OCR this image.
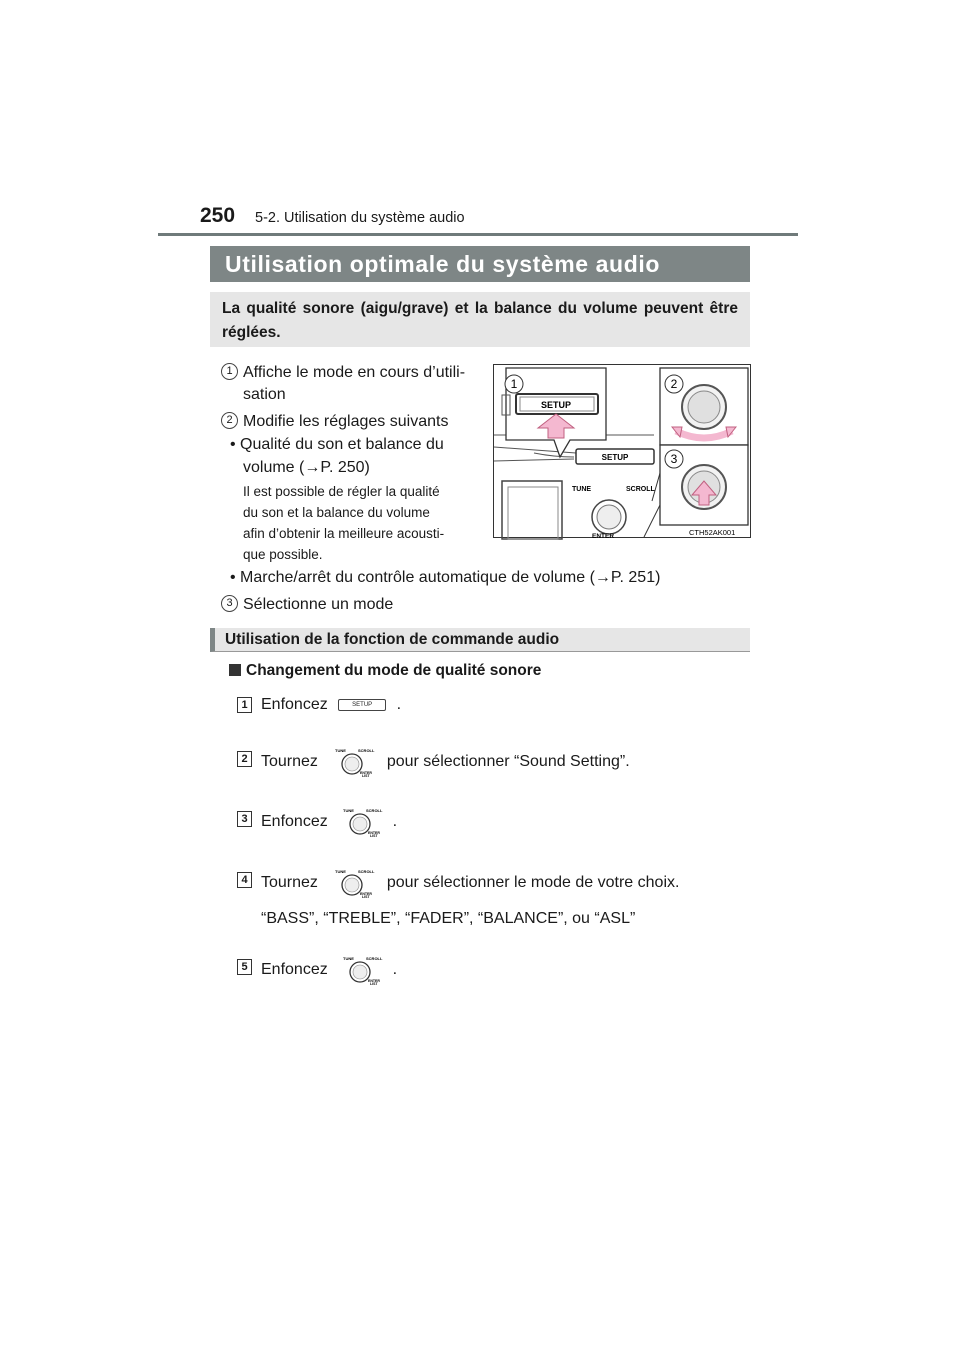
250 5-2. Utilisation du système audio
Utilisation optimale du système audio
La qualité sonore (aigu/grave) et la balance du volume peuvent être réglées.
1 Affiche le mode en cours d’utili-
sation
2 Modifie les réglages suivants
• Qualité du son et balance du
volume (→P. 250)
Il est possible de régler la qualité
du son et la balance du volume
afin d’obtenir la meilleure acousti-
que possible.
• Marche/arrêt du contrôle automatique de volume (→P. 251)
3 Sélectionne un mode
SETUP
SETUP
TUNE	SCROLL
ENTER
1	2
3
CTH52AK001
Utilisation de la fonction de commande audio
Changement du mode de qualité sonore
1 Enfoncez	SETUP .
2 Tournez
TUNE	SCROLL
ENTER
LIST
pour sélectionner “Sound Setting”.
3 Enfoncez
TUNE	SCROLL
ENTER
LIST
.
4 Tournez
TUNE	SCROLL
ENTER
LIST
pour sélectionner le mode de votre choix.
“BASS”, “TREBLE”, “FADER”, “BALANCE”, ou “ASL”
5 Enfoncez
TUNE	SCROLL
ENTER
LIST
.
